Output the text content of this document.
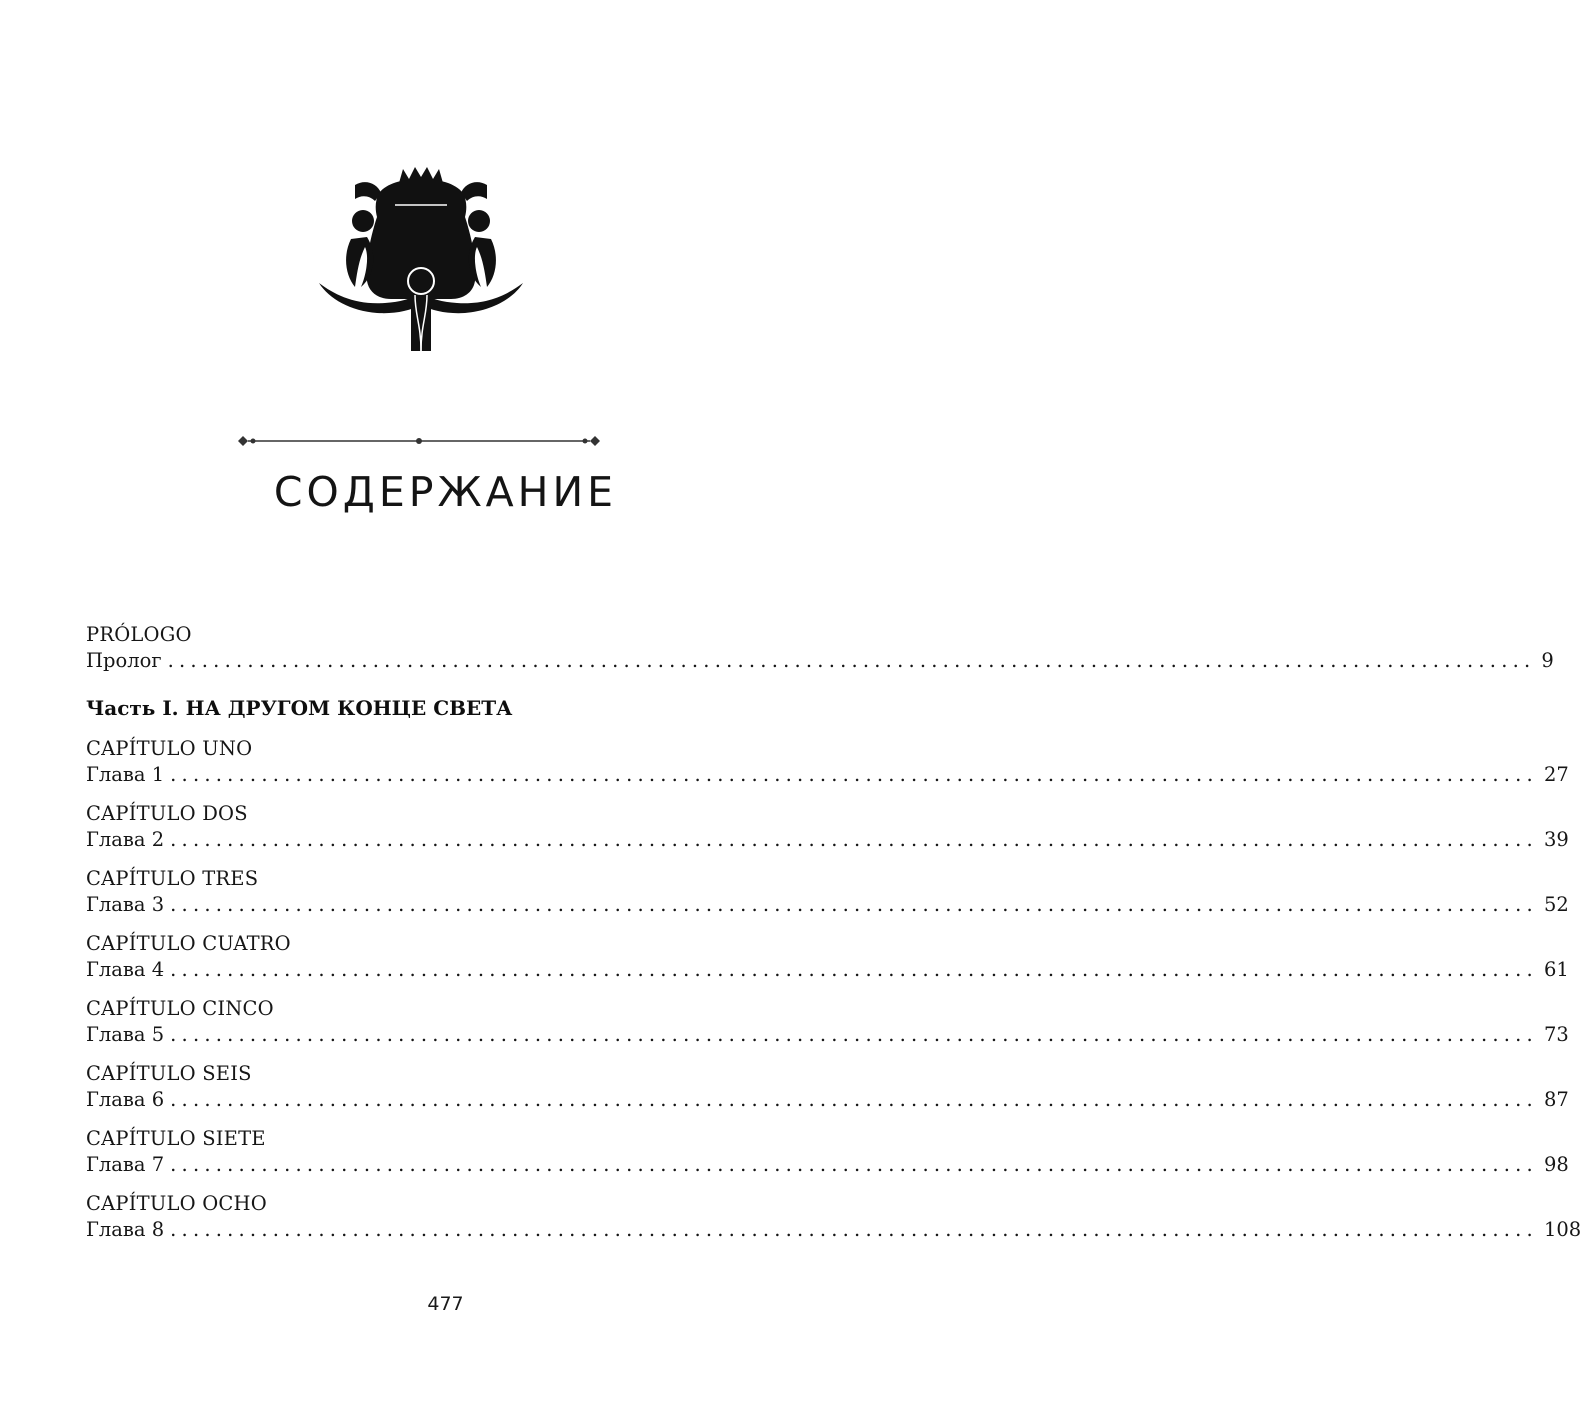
СОДЕРЖАНИЕ
PRÓLOGO
Пролог ........................................................................................................................ 9
Часть I. НА ДРУГОМ КОНЦЕ СВЕТА
CAPÍTULO UNO
Глава 1 ........................................................................................................................ 27
CAPÍTULO DOS
Глава 2 ........................................................................................................................ 39
CAPÍTULO TRES
Глава 3 ........................................................................................................................ 52
CAPÍTULO CUATRO
Глава 4 ........................................................................................................................ 61
CAPÍTULO CINCO
Глава 5 ........................................................................................................................ 73
CAPÍTULO SEIS
Глава 6 ........................................................................................................................ 87
CAPÍTULO SIETE
Глава 7 ........................................................................................................................ 98
CAPÍTULO OCHO
Глава 8 ........................................................................................................................ 108
477
